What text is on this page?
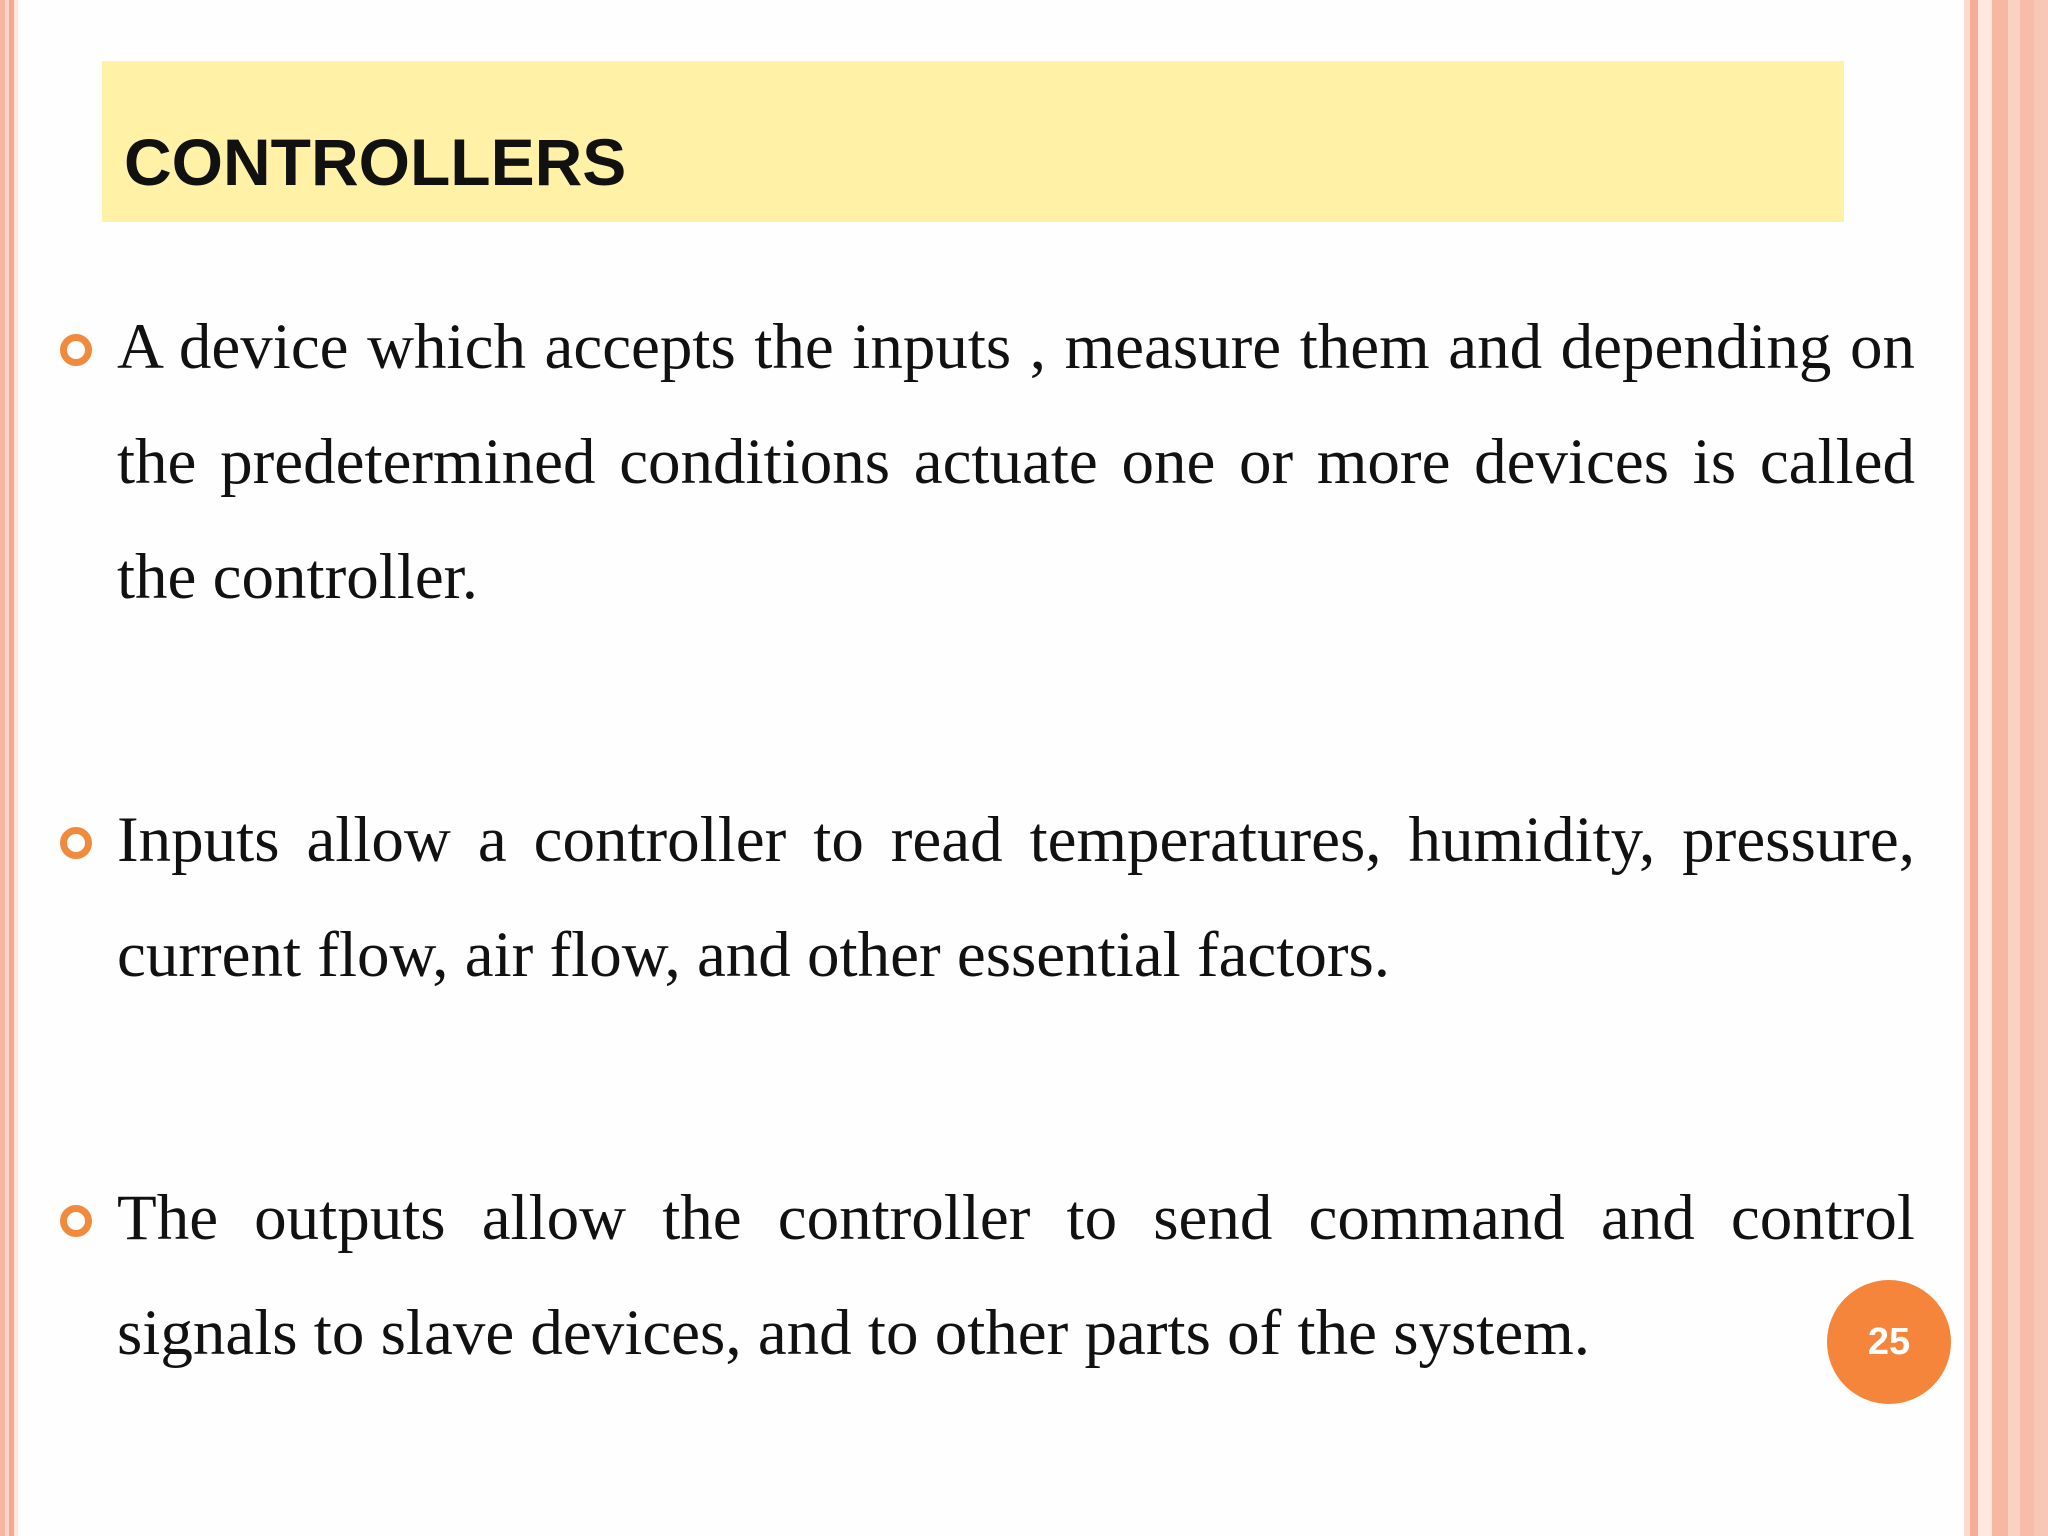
CONTROLLERS

A device which accepts the inputs , measure them and depending on the predetermined conditions actuate one or more devices is called the controller.

Inputs allow a controller to read temperatures, humidity, pressure, current flow, air flow, and other essential factors.

The outputs allow the controller to send command and control signals to slave devices, and to other parts of the system.	25
